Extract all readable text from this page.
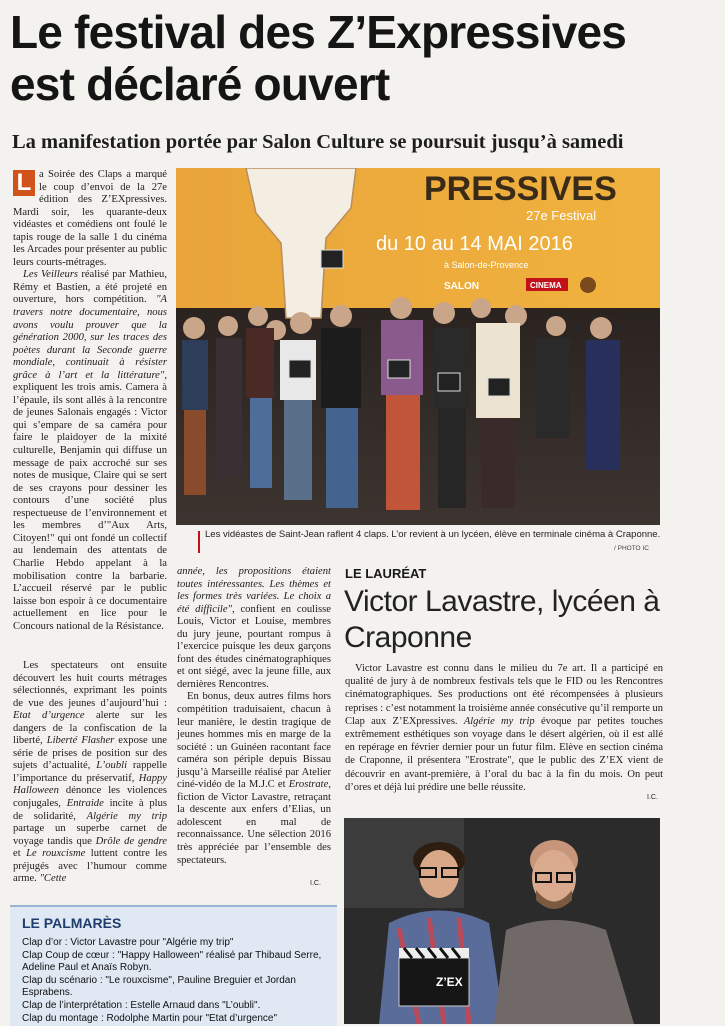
Le festival des Z’Expressives est déclaré ouvert
La manifestation portée par Salon Culture se poursuit jusqu’à samedi

L a Soirée des Claps a marqué le coup d’envoi de la 27e édition des Z’EXpressives. Mardi soir, les quarante-deux vidéastes et comédiens ont foulé le tapis rouge de la salle 1 du cinéma les Arcades pour présenter au public leurs courts-métrages.

Les Veilleurs réalisé par Mathieu, Rémy et Bastien, a été projeté en ouverture, hors compétition. "A travers notre documentaire, nous avons voulu prouver que la génération 2000, sur les traces des poètes durant la Seconde guerre mondiale, continuait à résister grâce à l’art et la littérature", expliquent les trois amis. Camera à l’épaule, ils sont allés à la rencontre de jeunes Salonais engagés : Victor qui s’empare de sa caméra pour faire le plaidoyer de la mixité culturelle, Benjamin qui diffuse un message de paix accroché sur ses notes de musique, Claire qui se sert de ses crayons pour dessiner les contours d’une société plus respectueuse de l’environnement et les membres d’"Aux Arts, Citoyen!" qui ont fondé un collectif au lendemain des attentats de Charlie Hebdo appelant à la mobilisation contre la barbarie. L’accueil réservé par le public laisse bon espoir à ce documentaire actuellement en lice pour le Concours national de la Résistance.

Les spectateurs ont ensuite découvert les huit courts métrages sélectionnés, exprimant les points de vue des jeunes d’aujourd’hui : Etat d’urgence alerte sur les dangers de la confiscation de la liberté, Liberté Flasher expose une série de prises de position sur des sujets d’actualité, L’oubli rappelle l’importance du préservatif, Happy Halloween dénonce les violences conjugales, Entraide incite à plus de solidarité, Algérie my trip partage un superbe carnet de voyage tandis que Drôle de gendre et Le rouxcisme luttent contre les préjugés avec l’humour comme arme. "Cette

PRESSIVES
27e Festival
du 10 au 14 MAI 2016
à Salon-de-Provence
SALON	CINEMA
Les vidéastes de Saint-Jean raflent 4 claps. L’or revient à un lycéen, élève en terminale cinéma à Craponne.
/ PHOTO IC

année, les propositions étaient toutes intéressantes. Les thèmes et les formes très variées. Le choix a été difficile", confient en coulisse Louis, Victor et Louise, membres du jury jeune, pourtant rompus à l’exercice puisque les deux garçons font des études cinématographiques et ont siégé, avec la jeune fille, aux dernières Rencontres.

En bonus, deux autres films hors compétition traduisaient, chacun à leur manière, le destin tragique de jeunes hommes mis en marge de la société : un Guinéen racontant face caméra son périple depuis Bissau jusqu’à Marseille réalisé par Atelier ciné-vidéo de la M.J.C et Erostrate, fiction de Victor Lavastre, retraçant la descente aux enfers d’Elias, un adolescent en mal de reconnaissance. Une sélection 2016 très appréciée par l’ensemble des spectateurs.

I.C.
LE LAURÉAT
Victor Lavastre, lycéen à Craponne

Victor Lavastre est connu dans le milieu du 7e art. Il a participé en qualité de jury à de nombreux festivals tels que le FID ou les Rencontres cinématographiques. Ses productions ont été récompensées à plusieurs reprises : c’est notamment la troisième année consécutive qu’il remporte un Clap aux Z’EXpressives. Algérie my trip évoque par petites touches extrêmement esthétiques son voyage dans le désert algérien, où il est allé en repérage en février dernier pour un futur film. Elève en section cinéma de Craponne, il présentera "Erostrate", que le public des Z’EX vient de découvrir en avant-première, à l’oral du bac à la fin du mois. On peut d’ores et déjà lui prédire une belle réussite.

I.C.
LE PALMARÈS
Clap d’or : Victor Lavastre pour "Algérie my trip"
Clap Coup de cœur : "Happy Halloween" réalisé par Thibaud Serre, Adeline Paul et Anaïs Robyn.
Clap du scénario : "Le rouxcisme", Pauline Breguier et Jordan Esprabens.
Clap de l’interprétation : Estelle Arnaud dans "L’oubli".
Clap du montage : Rodolphe Martin pour "Etat d’urgence"
Z’EX
